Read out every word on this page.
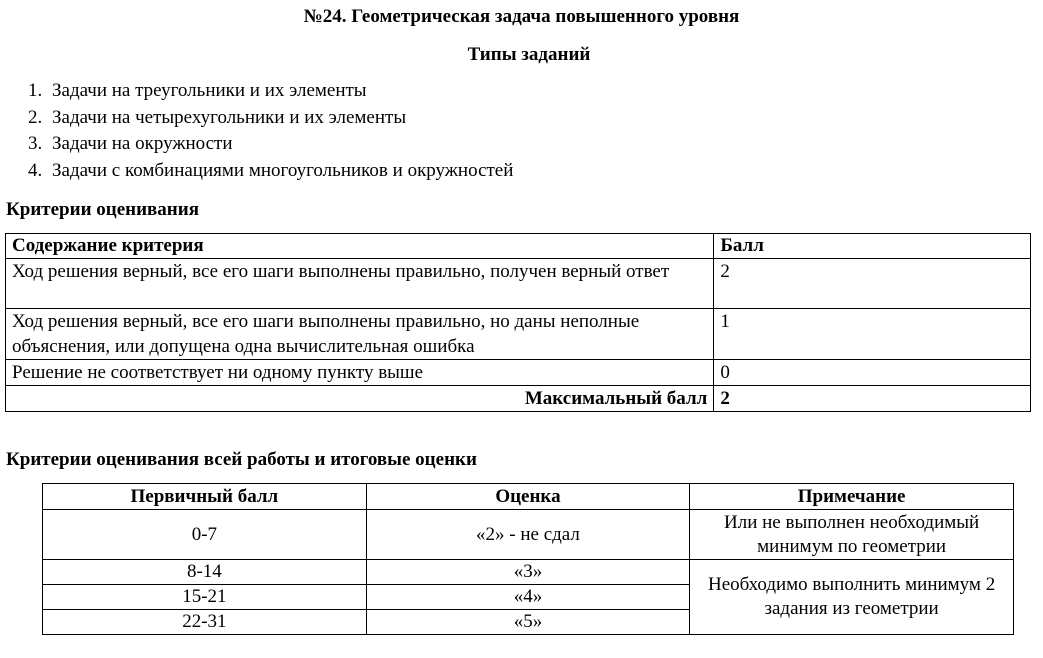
№24. Геометрическая задача повышенного уровня
Типы заданий
1. Задачи на треугольники и их элементы
2. Задачи на четырехугольники и их элементы
3. Задачи на окружности
4. Задачи с комбинациями многоугольников и окружностей
Критерии оценивания
Содержание критерия	Балл
Ход решения верный, все его шаги выполнены правильно, получен верный ответ	2
Ход решения верный, все его шаги выполнены правильно, но даны неполные объяснения, или допущена одна вычислительная ошибка	1
Решение не соответствует ни одному пункту выше	0
Максимальный балл	2
Критерии оценивания всей работы и итоговые оценки
Первичный балл	Оценка	Примечание
0-7	«2» - не сдал	Или не выполнен необходимый минимум по геометрии
8-14	«3»	Необходимо выполнить минимум 2 задания из геометрии
15-21	«4»	
22-31	«5»	
